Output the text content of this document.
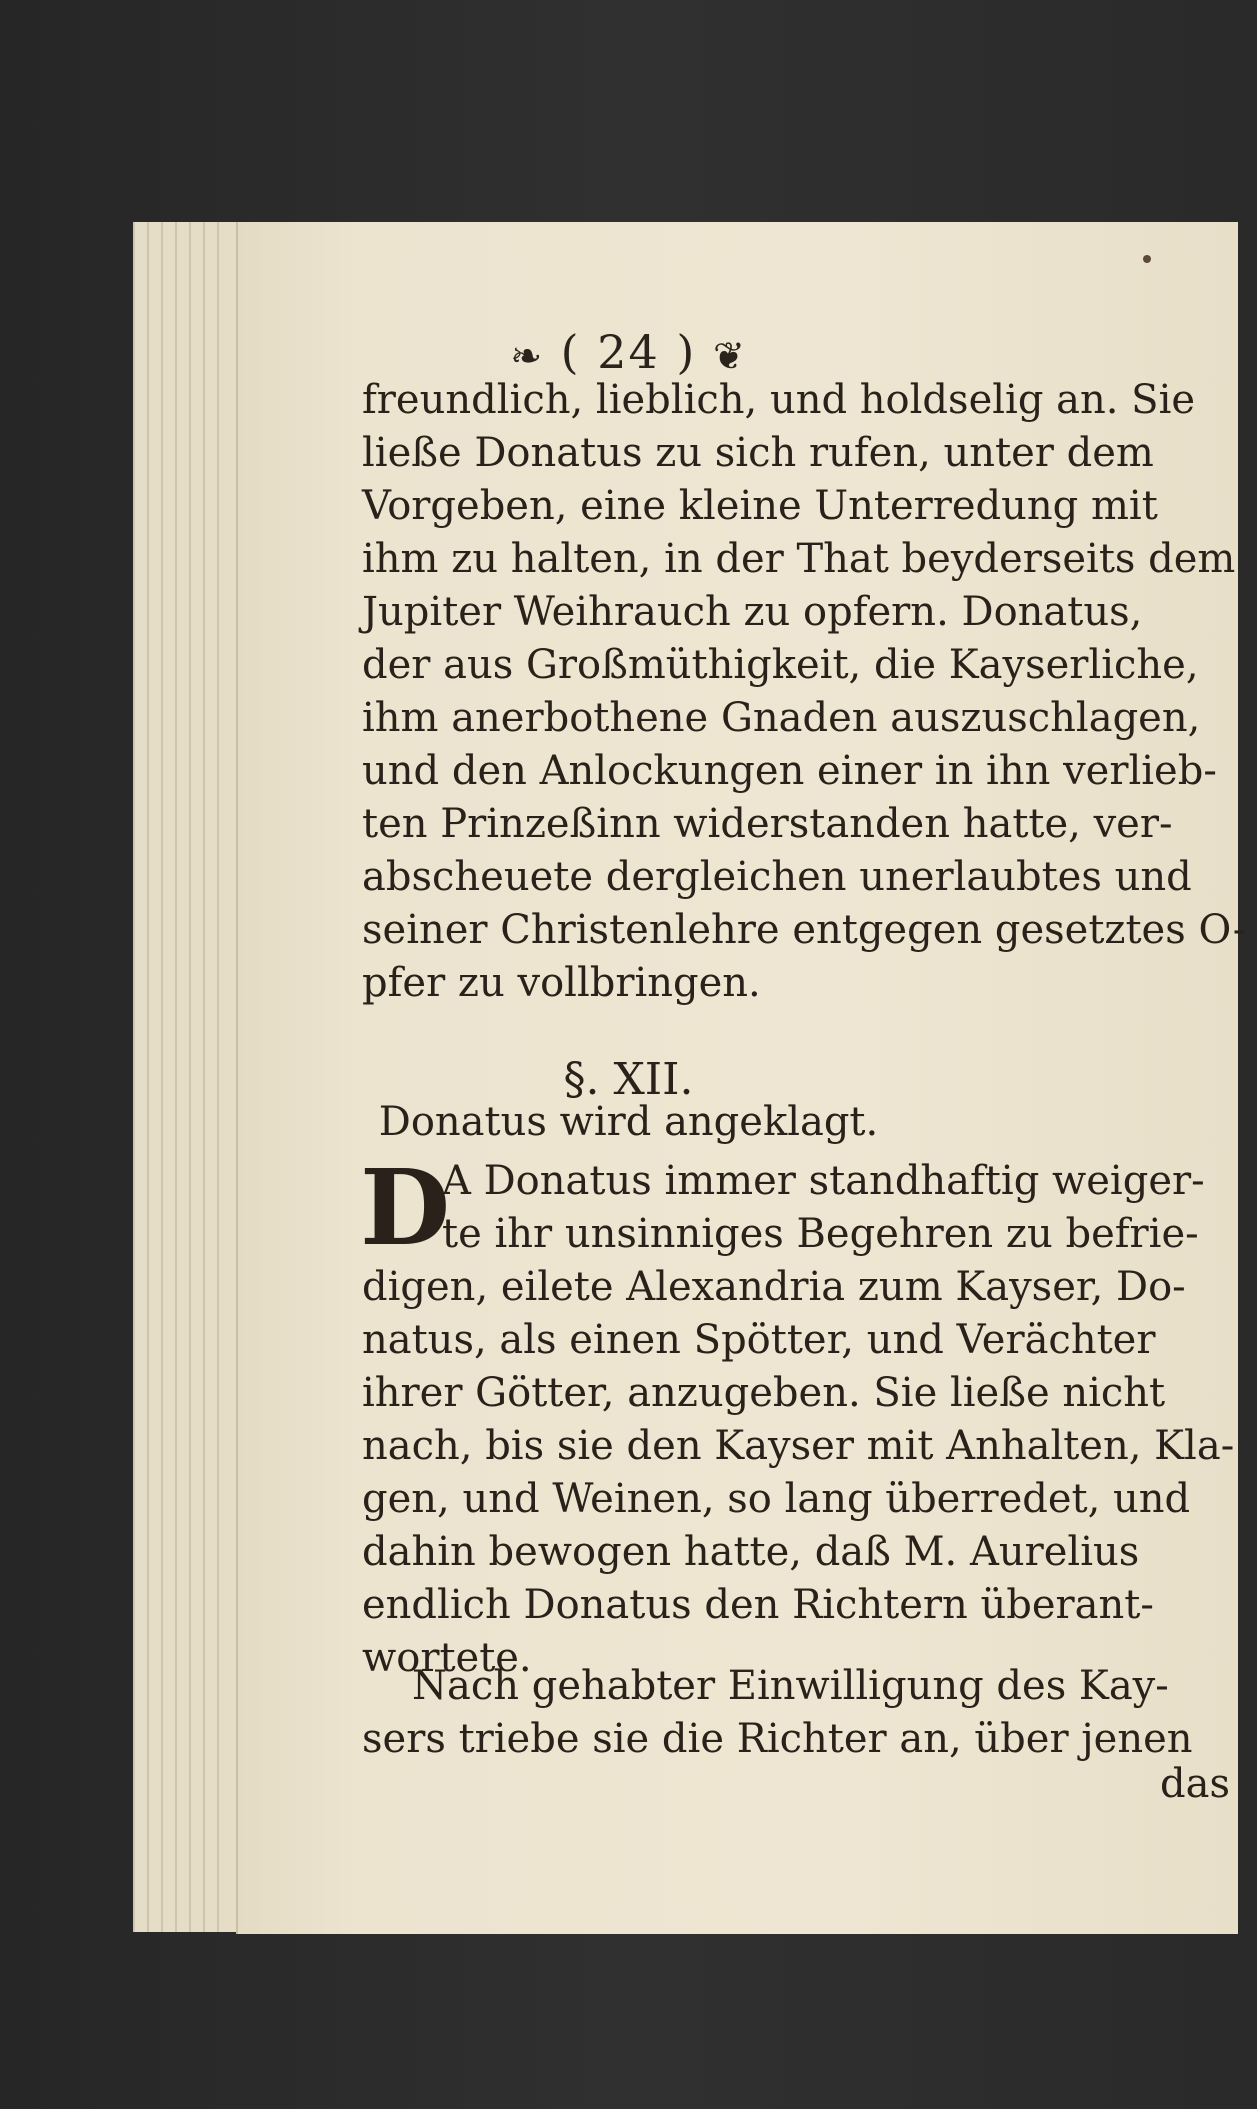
❧ ( 24 ) ❦
freundlich, lieblich, und holdselig an. Sie
ließe Donatus zu sich rufen, unter dem
Vorgeben, eine kleine Unterredung mit
ihm zu halten, in der That beyderseits dem
Jupiter Weihrauch zu opfern. Donatus,
der aus Großmüthigkeit, die Kayserliche,
ihm anerbothene Gnaden auszuschlagen,
und den Anlockungen einer in ihn verlieb-
ten Prinzeßinn widerstanden hatte, ver-
abscheuete dergleichen unerlaubtes und
seiner Christenlehre entgegen gesetztes O-
pfer zu vollbringen.
§. XII.
Donatus wird angeklagt.
D
A Donatus immer standhaftig weiger-
te ihr unsinniges Begehren zu befrie-
digen, eilete Alexandria zum Kayser, Do-
natus, als einen Spötter, und Verächter
ihrer Götter, anzugeben. Sie ließe nicht
nach, bis sie den Kayser mit Anhalten, Kla-
gen, und Weinen, so lang überredet, und
dahin bewogen hatte, daß M. Aurelius
endlich Donatus den Richtern überant-
wortete.
Nach gehabter Einwilligung des Kay-
sers triebe sie die Richter an, über jenen
das
